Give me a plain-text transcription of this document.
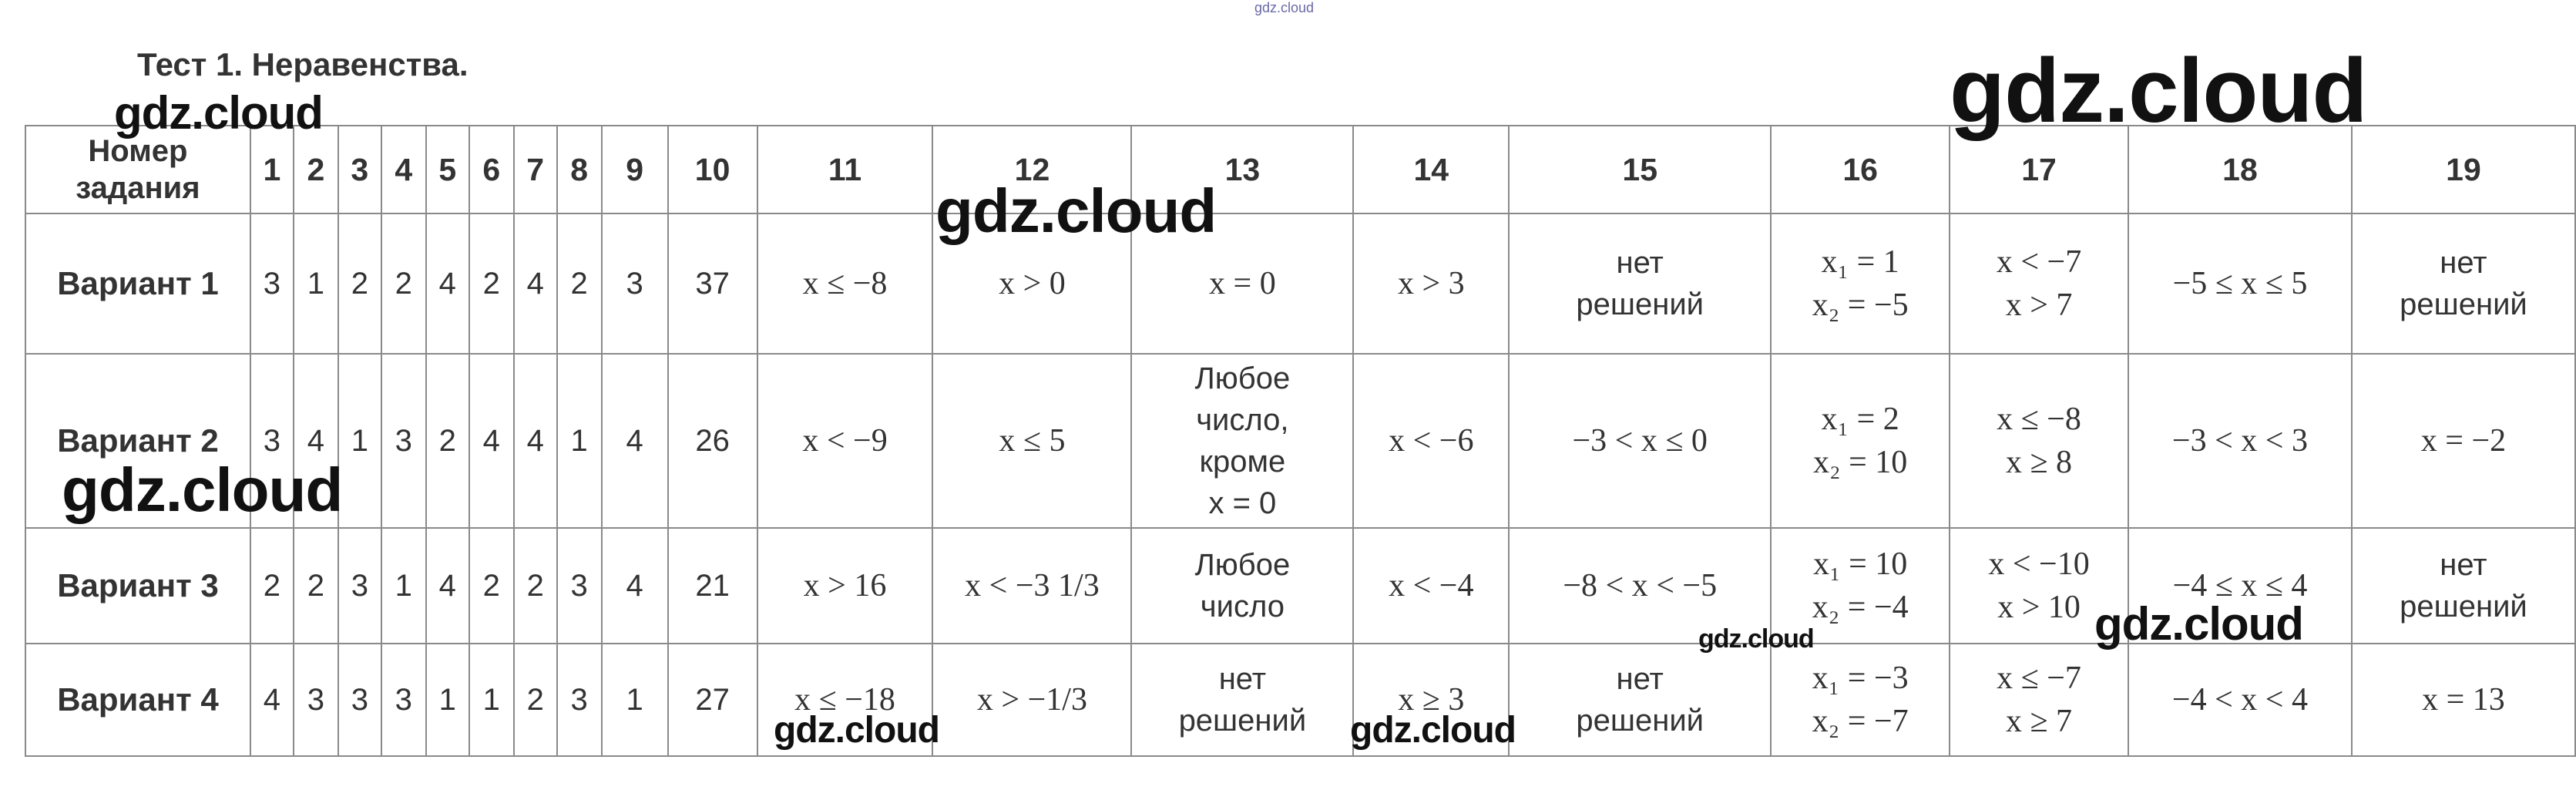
gdz.cloud
Тест 1. Неравенства.
Номер
задания	1	2	3	4	5	6	7	8	9	10	11	12	13	14	15	16	17	18	19
Вариант 1	3	1	2	2	4	2	4	2	3	37	x ≤ −8	x > 0	x = 0	x > 3	нет
решений	x₁ = 1
x₂ = −5	x < −7
x > 7	−5 ≤ x ≤ 5	нет
решений

Вариант 2	3	4	1	3	2	4	4	1	4	26	x < −9	x ≤ 5	Любое
число,
кроме
x = 0	x < −6	−3 < x ≤ 0	x₁ = 2
x₂ = 10	x ≤ −8
x ≥ 8	−3 < x < 3	x = −2

Вариант 3	2	2	3	1	4	2	2	3	4	21	x > 16	x < −3 1/3	Любое
число	x < −4	−8 < x < −5	x₁ = 10
x₂ = −4	x < −10
x > 10	−4 ≤ x ≤ 4	нет
решений

Вариант 4	4	3	3	3	1	1	2	3	1	27	x ≤ −18	x > −1/3	нет
решений	x ≥ 3	нет
решений	x₁ = −3
x₂ = −7	x ≤ −7
x ≥ 7	−4 < x < 4	x = 13
gdz.cloud	gdz.cloud
gdz.cloud
gdz.cloud
gdz.cloud	gdz.cloud
gdz.cloud	gdz.cloud
